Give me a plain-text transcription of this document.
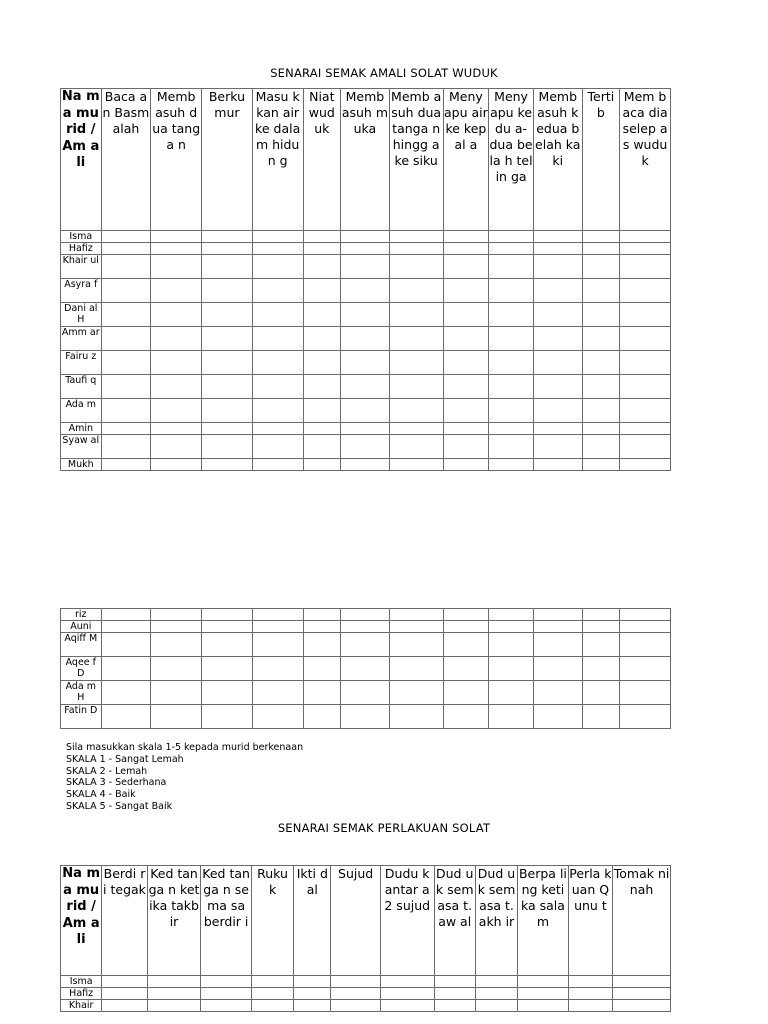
SENARAI SEMAK AMALI SOLAT WUDUK
Na ma mu rid / Am ali	Baca an Basm alah	Memb asuh dua tanga n	Berku mur	Masu kkan air ke dala m hidun g	Niat wud uk	Memb asuh muka	Memb asuh dua tanga n hingg a ke siku	Meny apu air ke kepal a	Meny apu kedu a- dua bela h telin ga	Memb asuh kedua belah kaki	Terti b	Mem baca dia selep as wudu k
Isma												
Hafiz												
Khair ul												
Asyra f												
Dani al H												
Amm ar												
Fairu z												
Taufi q												
Ada m												
Amin												
Syaw al												
Mukh												
riz												
Auni												
Aqiff M												
Aqee f D												
Ada m H												
Fatin D												
Sila masukkan skala 1-5 kepada murid berkenaan
SKALA 1 - Sangat Lemah
SKALA 2 - Lemah
SKALA 3 - Sederhana
SKALA 4 - Baik
SKALA 5 - Sangat Baik
SENARAI SEMAK PERLAKUAN SOLAT
Na ma mu rid / Am ali	Berdi ri tegak	Ked tanga n ketika takbir	Ked tanga n sema sa berdir i	Ruku k	Ikti dal	Sujud	Dudu k antar a 2 sujud	Dud uk sem asa t.aw al	Dud uk sem asa t.akh ir	Berpa ling ketika salam	Perla kuan Qunu t	Tomak ninah
Isma												
Hafiz												
Khair												
